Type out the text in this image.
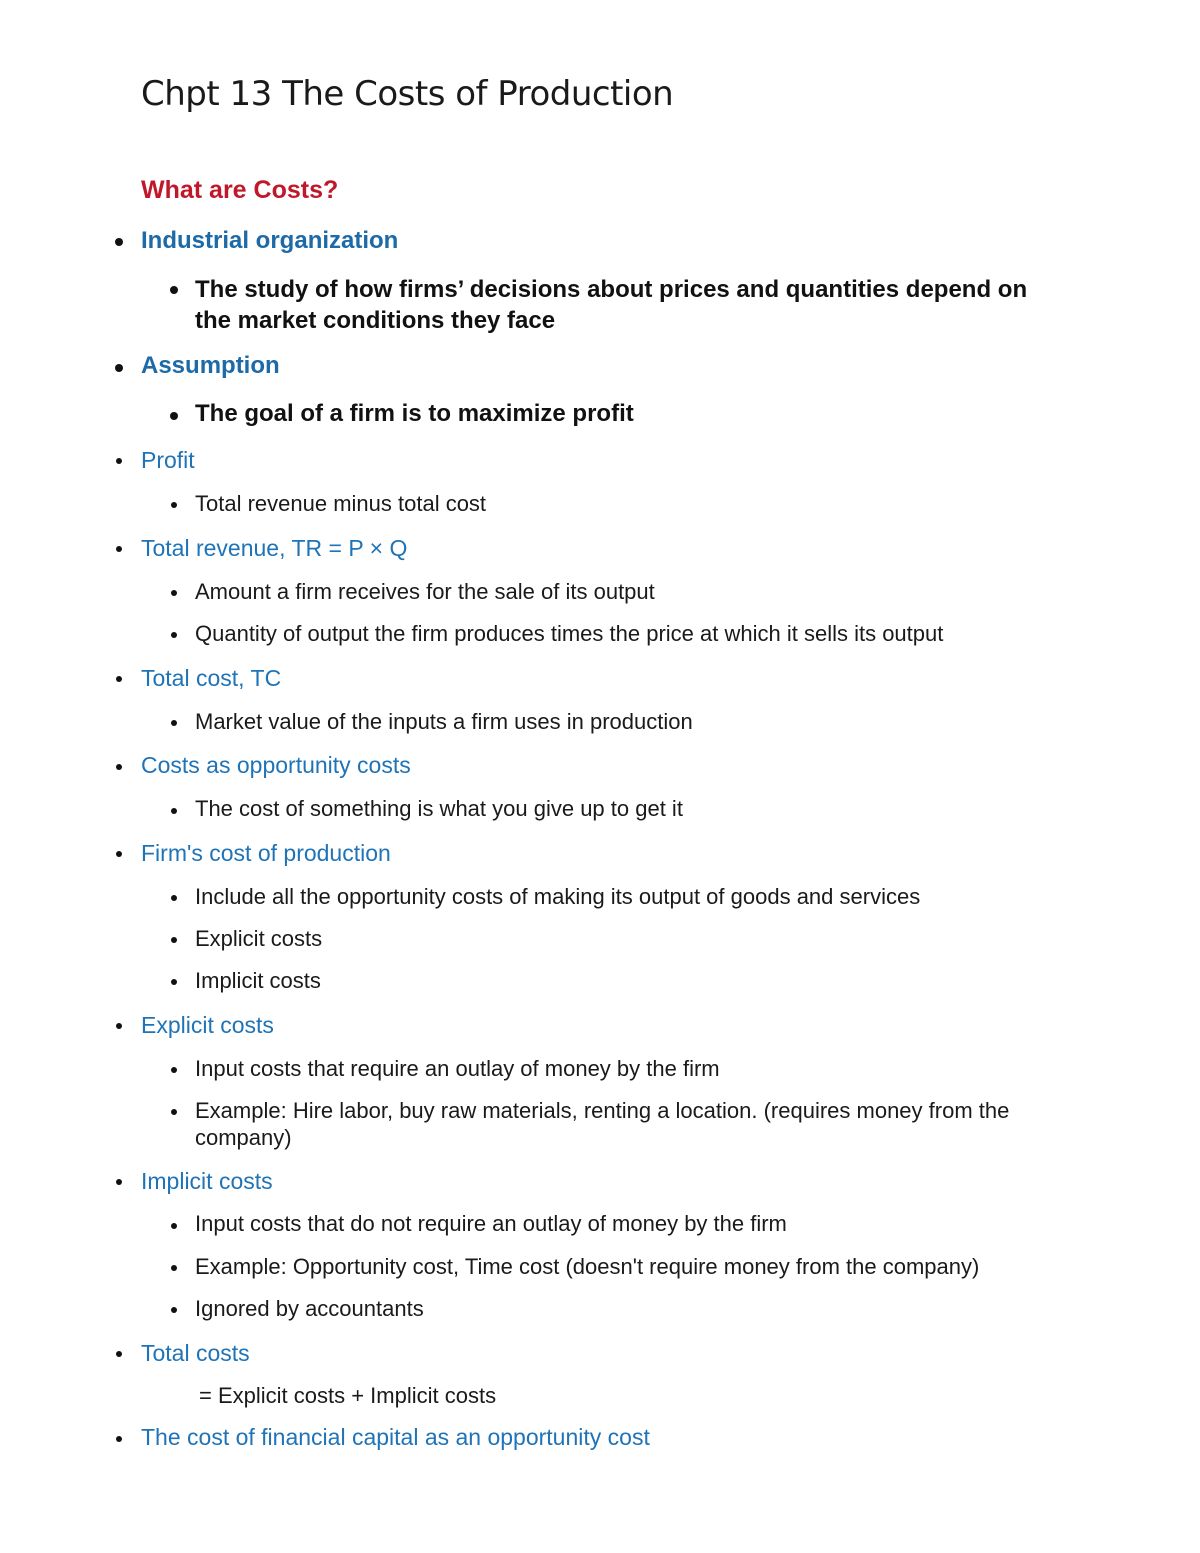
Chpt 13 The Costs of Production
What are Costs?
Industrial organization
The study of how firms’ decisions about prices and quantities depend on the market conditions they face
Assumption
The goal of a firm is to maximize profit
Profit
Total revenue minus total cost
Total revenue, TR = P × Q
Amount a firm receives for the sale of its output
Quantity of output the firm produces times the price at which it sells its output
Total cost, TC
Market value of the inputs a firm uses in production
Costs as opportunity costs
The cost of something is what you give up to get it
Firm's cost of production
Include all the opportunity costs of making its output of goods and services
Explicit costs
Implicit costs
Explicit costs
Input costs that require an outlay of money by the firm
Example: Hire labor, buy raw materials, renting a location. (requires money from the company)
Implicit costs
Input costs that do not require an outlay of money by the firm
Example: Opportunity cost, Time cost (doesn't require money from the company)
Ignored by accountants
Total costs
= Explicit costs + Implicit costs
The cost of financial capital as an opportunity cost
